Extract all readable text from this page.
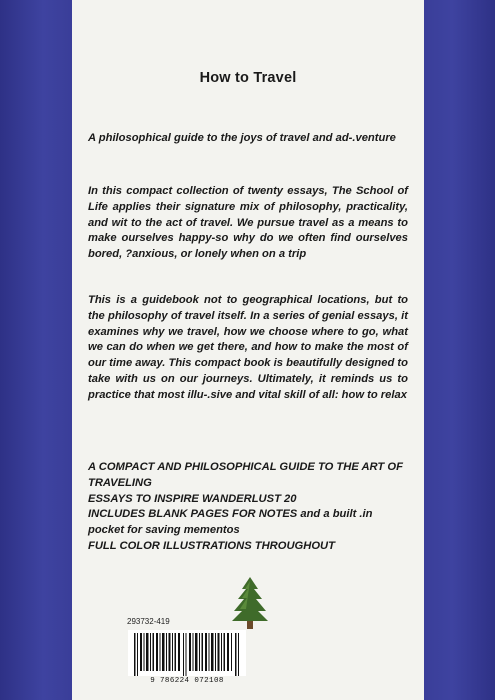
How to Travel

A philosophical guide to the joys of travel and ad-.venture

In this compact collection of twenty essays, The School of Life applies their signature mix of philosophy, practicality, and wit to the act of travel. We pursue travel as a means to make ourselves happy-so why do we often find ourselves bored, ?anxious, or lonely when on a trip

This is a guidebook not to geographical locations, but to the philosophy of travel itself. In a series of genial essays, it examines why we travel, how we choose where to go, what we can do when we get there, and how to make the most of our time away. This compact book is beautifully designed to take with us on our journeys. Ultimately, it reminds us to practice that most illu-.sive and vital skill of all: how to relax

A COMPACT AND PHILOSOPHICAL GUIDE TO THE ART OF TRAVELING

ESSAYS TO INSPIRE WANDERLUST 20

INCLUDES BLANK PAGES FOR NOTES and a built .in pocket for saving mementos

FULL COLOR ILLUSTRATIONS THROUGHOUT

293732-419
9 786224 072108
